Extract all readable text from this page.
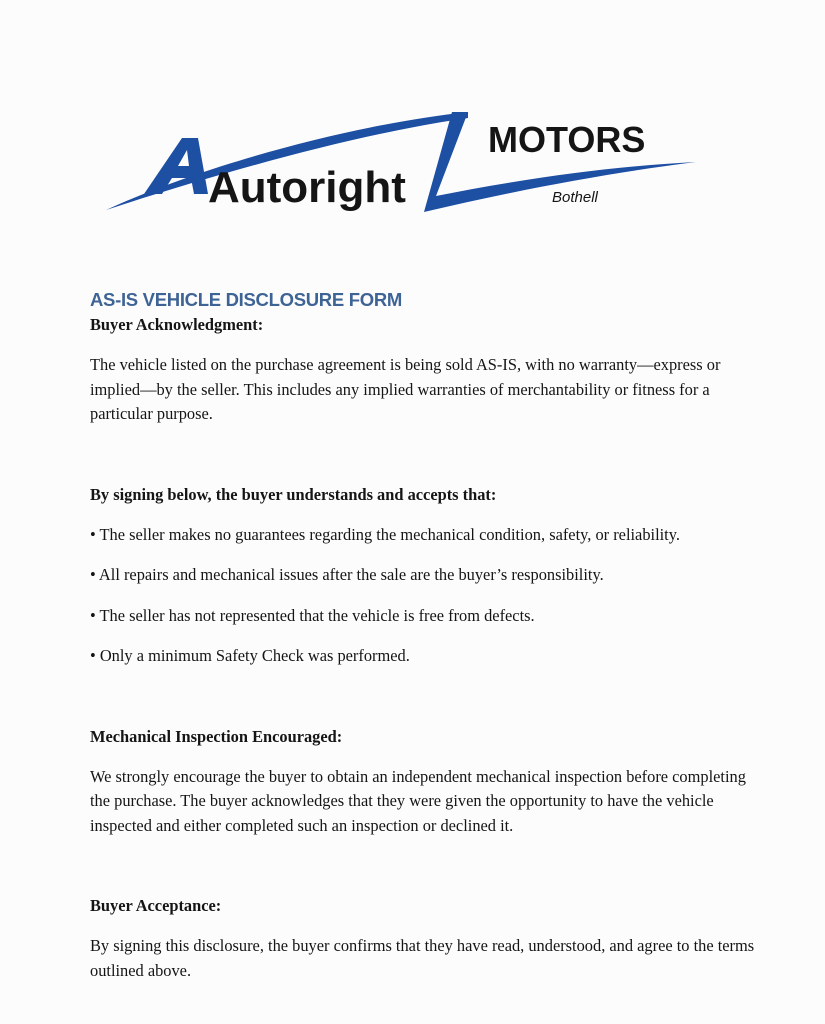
Autoright
MOTORS
Bothell
AS-IS VEHICLE DISCLOSURE FORM
Buyer Acknowledgment:

The vehicle listed on the purchase agreement is being sold AS-IS, with no warranty—express or implied—by the seller. This includes any implied warranties of merchantability or fitness for a particular purpose.

By signing below, the buyer understands and accepts that:

• The seller makes no guarantees regarding the mechanical condition, safety, or reliability.

• All repairs and mechanical issues after the sale are the buyer’s responsibility.

• The seller has not represented that the vehicle is free from defects.

• Only a minimum Safety Check was performed.

Mechanical Inspection Encouraged:

We strongly encourage the buyer to obtain an independent mechanical inspection before completing the purchase. The buyer acknowledges that they were given the opportunity to have the vehicle inspected and either completed such an inspection or declined it.

Buyer Acceptance:

By signing this disclosure, the buyer confirms that they have read, understood, and agree to the terms outlined above.
